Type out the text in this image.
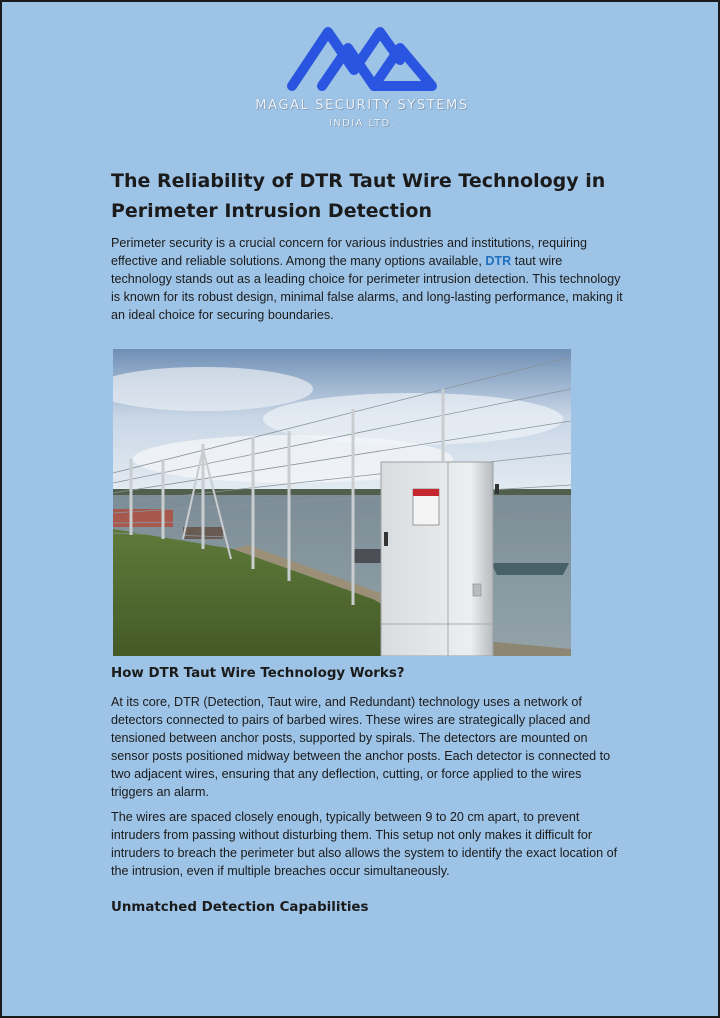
MAGAL SECURITY SYSTEMS
INDIA LTD.
The Reliability of DTR Taut Wire Technology in Perimeter Intrusion Detection

Perimeter security is a crucial concern for various industries and institutions, requiring effective and reliable solutions. Among the many options available, DTR taut wire technology stands out as a leading choice for perimeter intrusion detection. This technology is known for its robust design, minimal false alarms, and long-lasting performance, making it an ideal choice for securing boundaries.

How DTR Taut Wire Technology Works?

At its core, DTR (Detection, Taut wire, and Redundant) technology uses a network of detectors connected to pairs of barbed wires. These wires are strategically placed and tensioned between anchor posts, supported by spirals. The detectors are mounted on sensor posts positioned midway between the anchor posts. Each detector is connected to two adjacent wires, ensuring that any deflection, cutting, or force applied to the wires triggers an alarm.

The wires are spaced closely enough, typically between 9 to 20 cm apart, to prevent intruders from passing without disturbing them. This setup not only makes it difficult for intruders to breach the perimeter but also allows the system to identify the exact location of the intrusion, even if multiple breaches occur simultaneously.

Unmatched Detection Capabilities
